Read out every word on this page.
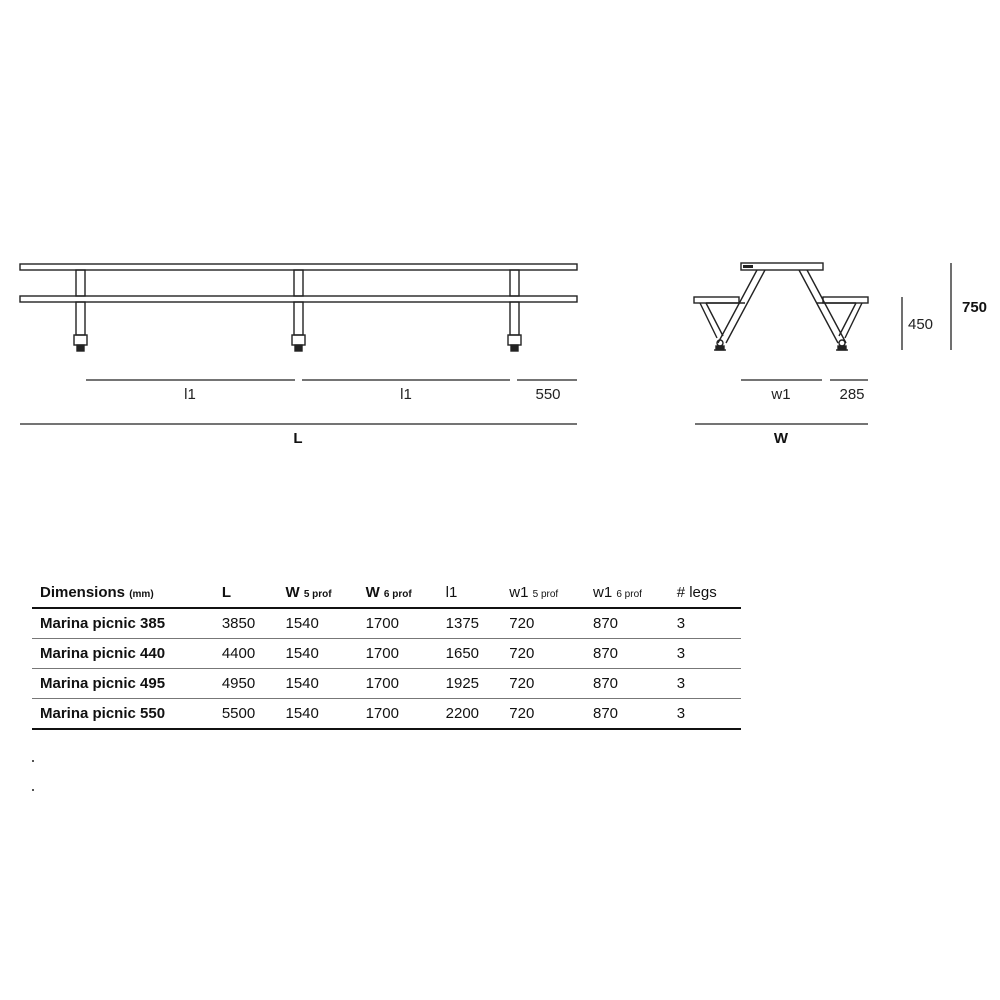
l1	l1	550
L
w1	285
W
450
750
Dimensions (mm)	L	W 5 prof	W 6 prof	l1	w1 5 prof	w1 6 prof	# legs
Marina picnic 385	3850	1540	1700	1375	720	870	3
Marina picnic 440	4400	1540	1700	1650	720	870	3
Marina picnic 495	4950	1540	1700	1925	720	870	3
Marina picnic 550	5500	1540	1700	2200	720	870	3
